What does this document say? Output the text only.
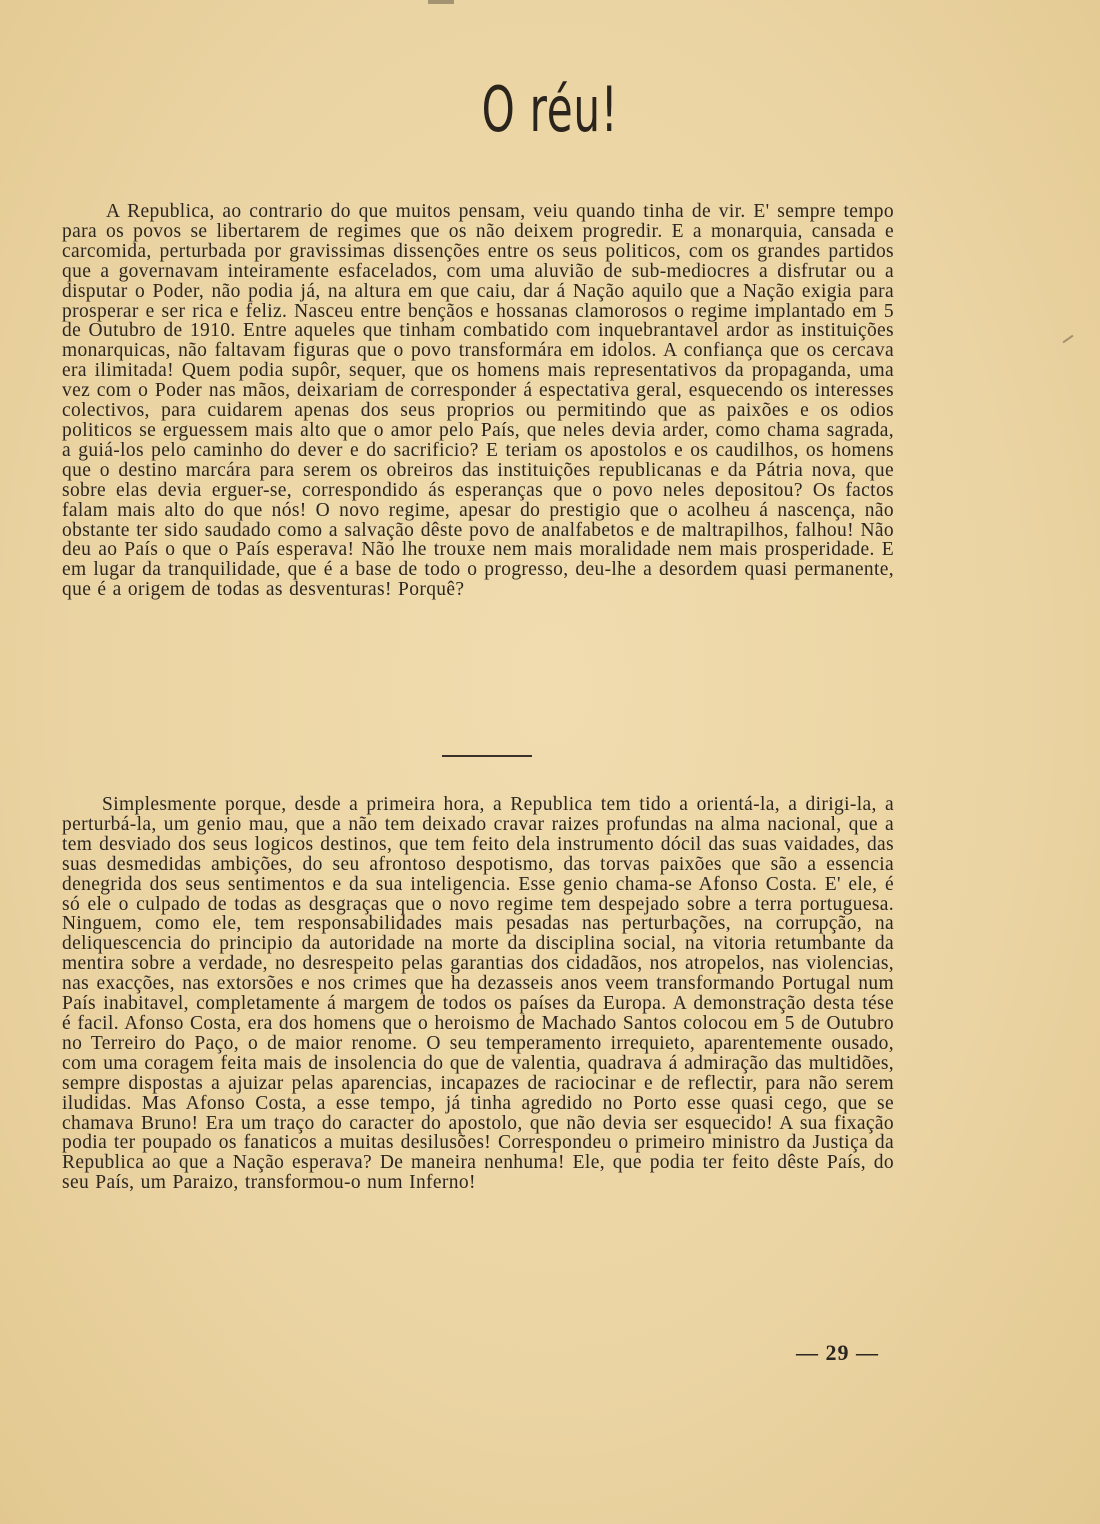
O réu!

A Republica, ao contrario do que muitos pensam, veiu quando tinha de vir. E' sempre tempo para os povos se libertarem de regimes que os não deixem progredir. E a monarquia, cansada e carcomida, perturbada por gravissimas dissenções entre os seus politicos, com os grandes partidos que a governavam inteiramente esfacelados, com uma aluvião de sub-mediocres a disfrutar ou a disputar o Poder, não podia já, na altura em que caiu, dar á Nação aquilo que a Nação exigia para prosperar e ser rica e feliz. Nasceu entre bençãos e hossanas clamorosos o regime implantado em 5 de Outubro de 1910. Entre aqueles que tinham combatido com inquebrantavel ardor as instituições monarquicas, não faltavam figuras que o povo transformára em idolos. A confiança que os cercava era ilimitada! Quem podia supôr, sequer, que os homens mais representativos da propaganda, uma vez com o Poder nas mãos, deixariam de corresponder á espectativa geral, esquecendo os interesses colectivos, para cuidarem apenas dos seus proprios ou permitindo que as paixões e os odios politicos se erguessem mais alto que o amor pelo País, que neles devia arder, como chama sagrada, a guiá-los pelo caminho do dever e do sacrificio? E teriam os apostolos e os caudilhos, os homens que o destino marcára para serem os obreiros das instituições republicanas e da Pátria nova, que sobre elas devia erguer-se, correspondido ás esperanças que o povo neles depositou? Os factos falam mais alto do que nós! O novo regime, apesar do prestigio que o acolheu á nascença, não obstante ter sido saudado como a salvação dêste povo de analfabetos e de maltrapilhos, falhou! Não deu ao País o que o País esperava! Não lhe trouxe nem mais moralidade nem mais prosperidade. E em lugar da tranquilidade, que é a base de todo o progresso, deu-lhe a desordem quasi permanente, que é a origem de todas as desventuras! Porquê?

Simplesmente porque, desde a primeira hora, a Republica tem tido a orientá-la, a dirigi-la, a perturbá-la, um genio mau, que a não tem deixado cravar raizes profundas na alma nacional, que a tem desviado dos seus logicos destinos, que tem feito dela instrumento dócil das suas vaidades, das suas desmedidas ambições, do seu afrontoso despotismo, das torvas paixões que são a essencia denegrida dos seus sentimentos e da sua inteligencia. Esse genio chama-se Afonso Costa. E' ele, é só ele o culpado de todas as desgraças que o novo regime tem despejado sobre a terra portuguesa. Ninguem, como ele, tem responsabilidades mais pesadas nas perturbações, na corrupção, na deliquescencia do principio da autoridade na morte da disciplina social, na vitoria retumbante da mentira sobre a verdade, no desrespeito pelas garantias dos cidadãos, nos atropelos, nas violencias, nas exacções, nas extorsões e nos crimes que ha dezasseis anos veem transformando Portugal num País inabitavel, completamente á margem de todos os países da Europa. A demonstração desta tése é facil. Afonso Costa, era dos homens que o heroismo de Machado Santos colocou em 5 de Outubro no Terreiro do Paço, o de maior renome. O seu temperamento irrequieto, aparentemente ousado, com uma coragem feita mais de insolencia do que de valentia, quadrava á admiração das multidões, sempre dispostas a ajuizar pelas aparencias, incapazes de raciocinar e de reflectir, para não serem iludidas. Mas Afonso Costa, a esse tempo, já tinha agredido no Porto esse quasi cego, que se chamava Bruno! Era um traço do caracter do apostolo, que não devia ser esquecido! A sua fixação podia ter poupado os fanaticos a muitas desilusões! Correspondeu o primeiro ministro da Justiça da Republica ao que a Nação esperava? De maneira nenhuma! Ele, que podia ter feito dêste País, do seu País, um Paraizo, transformou-o num Inferno!

— 29 —
